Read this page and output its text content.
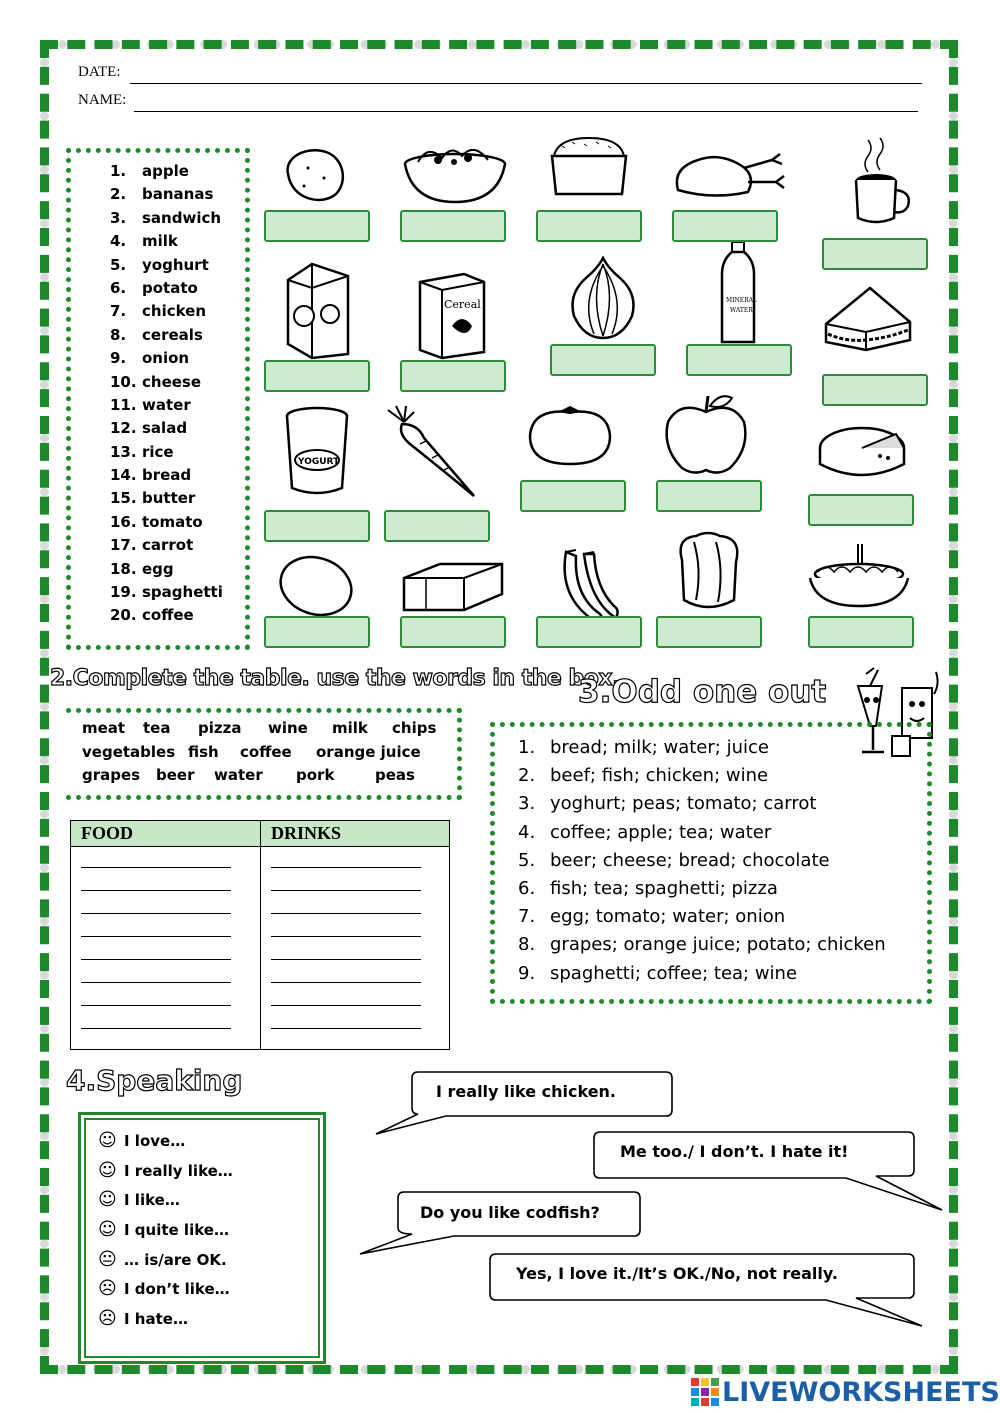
DATE:
NAME:
1. apple
2. bananas
3. sandwich
4. milk
5. yoghurt
6. potato
7. chicken
8. cereals
9. onion
10. cheese
11. water
12. salad
13. rice
14. bread
15. butter
16. tomato
17. carrot
18. egg
19. spaghetti
20. coffee
Cereal	MINERAL
WATER
YOGURT
2.Complete the table. use the words in the box.
meat tea pizza wine milk chips
vegetables fish coffee orange juice
grapes beer water pork	peas
FOOD	DRINKS
3.Odd one out
1. bread; milk; water; juice
2. beef; fish; chicken; wine
3. yoghurt; peas; tomato; carrot
4. coffee; apple; tea; water
5. beer; cheese; bread; chocolate
6. fish; tea; spaghetti; pizza
7. egg; tomato; water; onion
8. grapes; orange juice; potato; chicken
9. spaghetti; coffee; tea; wine
4.Speaking
☺ I love…
☺ I really like…
☺ I like…
☺ I quite like…
😐 … is/are OK.
☹ I don’t like…
☹ I hate…
I really like chicken.
Me too./ I don’t. I hate it!
Do you like codfish?
Yes, I love it./It’s OK./No, not really.
LIVEWORKSHEETS
